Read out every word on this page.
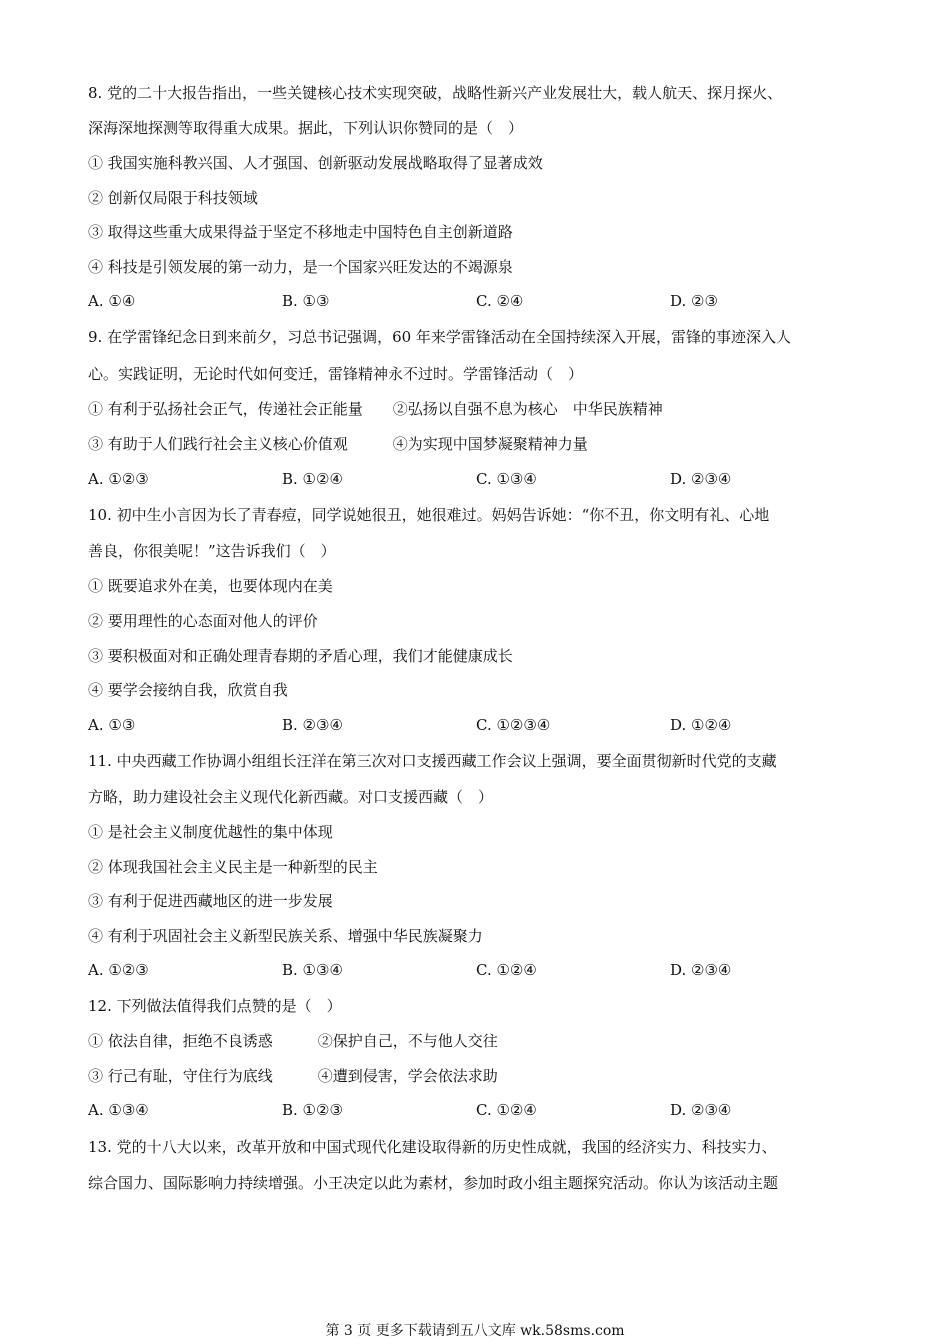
8. 党的二十大报告指出，一些关键核心技术实现突破，战略性新兴产业发展壮大，载人航天、探月探火、
深海深地探测等取得重大成果。据此，下列认识你赞同的是（　）
① 我国实施科教兴国、人才强国、创新驱动发展战略取得了显著成效
② 创新仅局限于科技领域
③ 取得这些重大成果得益于坚定不移地走中国特色自主创新道路
④ 科技是引领发展的第一动力，是一个国家兴旺发达的不竭源泉
A. ①④	B. ①③	C. ②④	D. ②③
9. 在学雷锋纪念日到来前夕，习总书记强调，60 年来学雷锋活动在全国持续深入开展，雷锋的事迹深入人
心。实践证明，无论时代如何变迁，雷锋精神永不过时。学雷锋活动（　）
① 有利于弘扬社会正气，传递社会正能量　　②弘扬以自强不息为核心　中华民族精神
③ 有助于人们践行社会主义核心价值观　　　④为实现中国梦凝聚精神力量
A. ①②③	B. ①②④	C. ①③④	D. ②③④
10. 初中生小言因为长了青春痘，同学说她很丑，她很难过。妈妈告诉她：“你不丑，你文明有礼、心地
善良，你很美呢！”这告诉我们（　）
① 既要追求外在美，也要体现内在美
② 要用理性的心态面对他人的评价
③ 要积极面对和正确处理青春期的矛盾心理，我们才能健康成长
④ 要学会接纳自我，欣赏自我
A. ①③	B. ②③④	C. ①②③④	D. ①②④
11. 中央西藏工作协调小组组长汪洋在第三次对口支援西藏工作会议上强调，要全面贯彻新时代党的支藏
方略，助力建设社会主义现代化新西藏。对口支援西藏（　）
① 是社会主义制度优越性的集中体现
② 体现我国社会主义民主是一种新型的民主
③ 有利于促进西藏地区的进一步发展
④ 有利于巩固社会主义新型民族关系、增强中华民族凝聚力
A. ①②③	B. ①③④	C. ①②④	D. ②③④
12. 下列做法值得我们点赞的是（　）
① 依法自律，拒绝不良诱惑　　　②保护自己，不与他人交往
③ 行己有耻，守住行为底线　　　④遭到侵害，学会依法求助
A. ①③④	B. ①②③	C. ①②④	D. ②③④
13. 党的十八大以来，改革开放和中国式现代化建设取得新的历史性成就，我国的经济实力、科技实力、
综合国力、国际影响力持续增强。小王决定以此为素材，参加时政小组主题探究活动。你认为该活动主题
第 3 页 更多下载请到五八文库 wk.58sms.com
